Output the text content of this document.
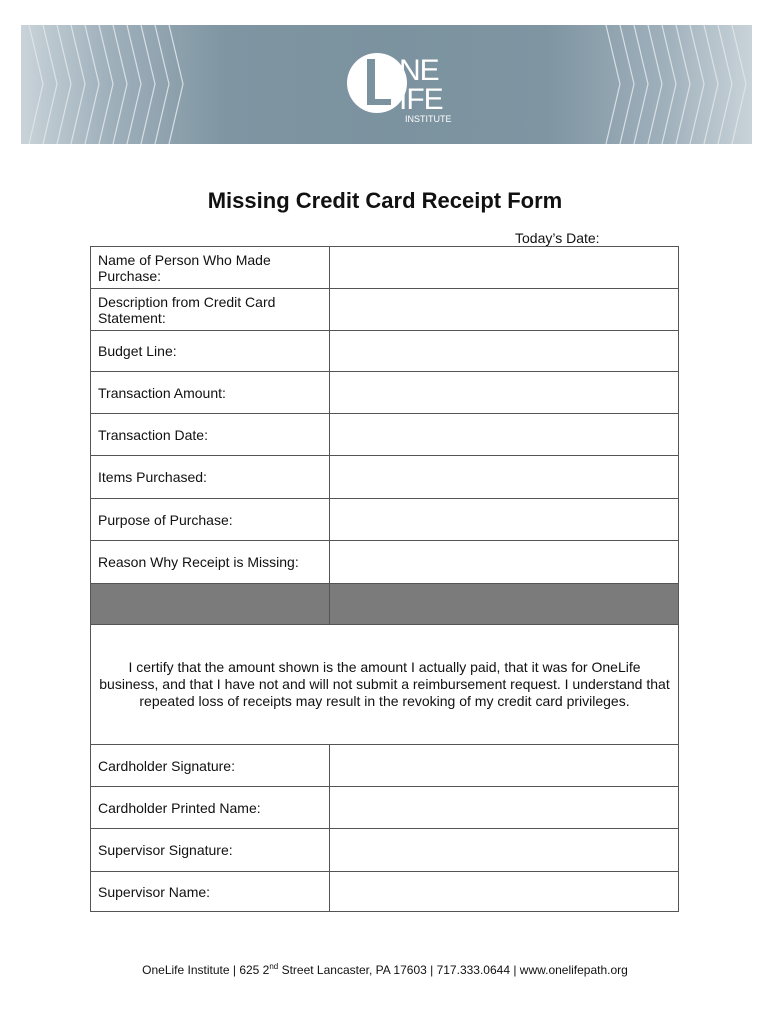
NE
IFE
INSTITUTE
Missing Credit Card Receipt Form
Today’s Date:
Name of Person Who Made Purchase:	
Description from Credit Card Statement:	
Budget Line:	
Transaction Amount:	
Transaction Date:	
Items Purchased:	
Purpose of Purchase:	
Reason Why Receipt is Missing:	

I certify that the amount shown is the amount I actually paid, that it was for OneLife business, and that I have not and will not submit a reimbursement request. I understand that repeated loss of receipts may result in the revoking of my credit card privileges.	
Cardholder Signature:	
Cardholder Printed Name:	
Supervisor Signature:	
Supervisor Name:	
OneLife Institute | 625 2nd Street Lancaster, PA 17603 | 717.333.0644 | www.onelifepath.org
